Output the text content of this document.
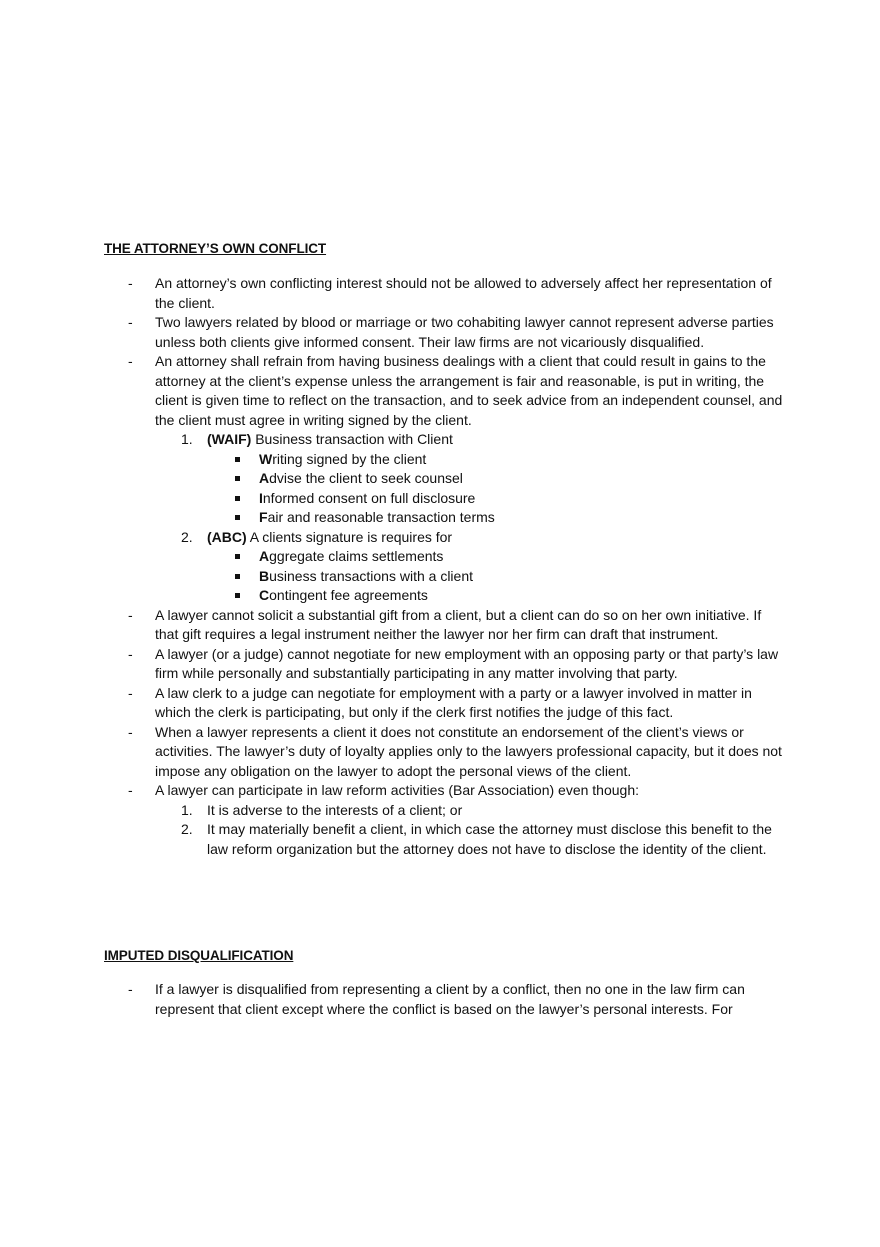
THE ATTORNEY’S OWN CONFLICT
- An attorney’s own conflicting interest should not be allowed to adversely affect her representation of the client.
- Two lawyers related by blood or marriage or two cohabiting lawyer cannot represent adverse parties unless both clients give informed consent. Their law firms are not vicariously disqualified.
- An attorney shall refrain from having business dealings with a client that could result in gains to the attorney at the client’s expense unless the arrangement is fair and reasonable, is put in writing, the client is given time to reflect on the transaction, and to seek advice from an independent counsel, and the client must agree in writing signed by the client.
1. (WAIF) Business transaction with Client
Writing signed by the client
Advise the client to seek counsel
Informed consent on full disclosure
Fair and reasonable transaction terms
2. (ABC) A clients signature is requires for
Aggregate claims settlements
Business transactions with a client
Contingent fee agreements
- A lawyer cannot solicit a substantial gift from a client, but a client can do so on her own initiative. If that gift requires a legal instrument neither the lawyer nor her firm can draft that instrument.
- A lawyer (or a judge) cannot negotiate for new employment with an opposing party or that party’s law firm while personally and substantially participating in any matter involving that party.
- A law clerk to a judge can negotiate for employment with a party or a lawyer involved in matter in which the clerk is participating, but only if the clerk first notifies the judge of this fact.
- When a lawyer represents a client it does not constitute an endorsement of the client’s views or activities. The lawyer’s duty of loyalty applies only to the lawyers professional capacity, but it does not impose any obligation on the lawyer to adopt the personal views of the client.
- A lawyer can participate in law reform activities (Bar Association) even though:
1. It is adverse to the interests of a client; or
2. It may materially benefit a client, in which case the attorney must disclose this benefit to the law reform organization but the attorney does not have to disclose the identity of the client.
IMPUTED DISQUALIFICATION
- If a lawyer is disqualified from representing a client by a conflict, then no one in the law firm can represent that client except where the conflict is based on the lawyer’s personal interests. For
